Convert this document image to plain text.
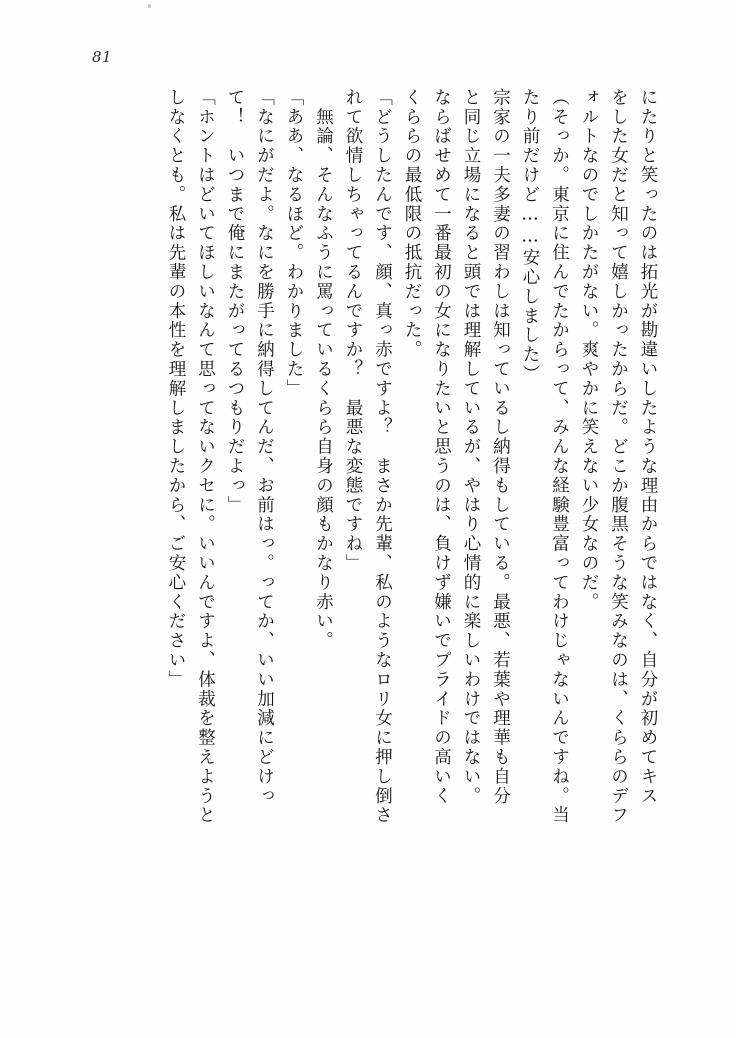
81
にたりと笑ったのは拓光が勘違いしたような理由からではなく、自分が初めてキス
をした女だと知って嬉しかったからだ。どこか腹黒そうな笑みなのは、くららのデフ
ォルトなのでしかたがない。爽やかに笑えない少女なのだ。
（そっか。東京に住んでたからって、みんな経験豊富ってわけじゃないんですね。当
たり前だけど……安心しました）
宗家の一夫多妻の習わしは知っているし納得もしている。最悪、若葉や理華も自分
と同じ立場になると頭では理解しているが、やはり心情的に楽しいわけではない。
ならばせめて一番最初の女になりたいと思うのは、負けず嫌いでプライドの高いく
くららの最低限の抵抗だった。
「どうしたんです、顔、真っ赤ですよ？　まさか先輩、私のようなロリ女に押し倒さ
れて欲情しちゃってるんですか？　最悪な変態ですね」
　無論、そんなふうに罵っているくらら自身の顔もかなり赤い。
「ああ、なるほど。わかりました」
「なにがだよ。なにを勝手に納得してんだ、お前はっ。ってか、いい加減にどけっ
て！　いつまで俺にまたがってるつもりだよっ」
「ホントはどいてほしいなんて思ってないクセに。いいんですよ、体裁を整えようと
しなくとも。私は先輩の本性を理解しましたから、ご安心ください」
